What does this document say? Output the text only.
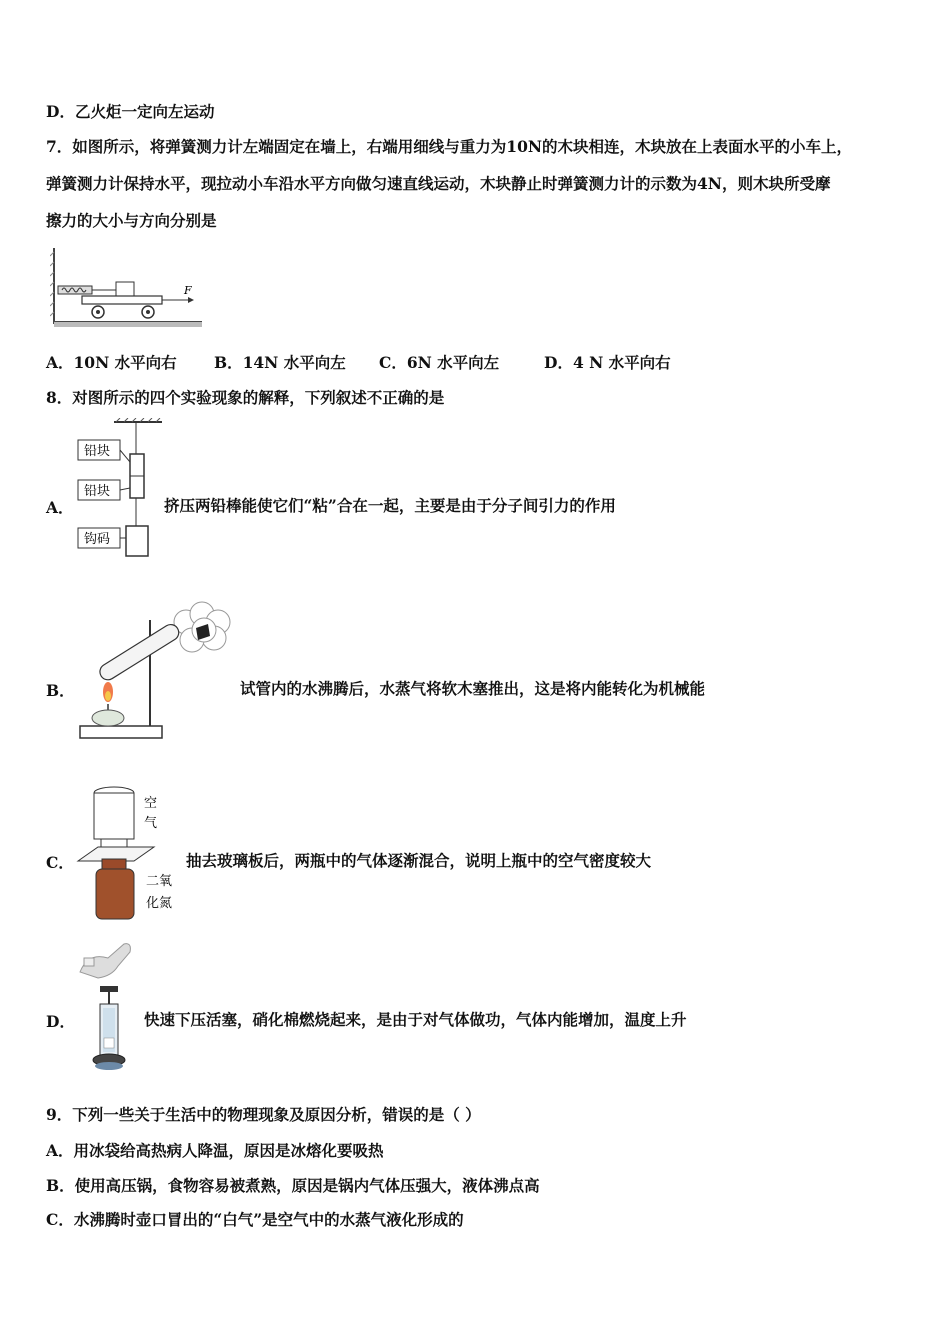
D．乙火炬一定向左运动
7．如图所示，将弹簧测力计左端固定在墙上，右端用细线与重力为10N的木块相连，木块放在上表面水平的小车上，
弹簧测力计保持水平，现拉动小车沿水平方向做匀速直线运动，木块静止时弹簧测力计的示数为4N，则木块所受摩
擦力的大小与方向分别是
F
A．10N 水平向右 B．14N 水平向左 C．6N 水平向左	D．4 N 水平向右
8．对图所示的四个实验现象的解释，下列叙述不正确的是
A．
铅块
铅块
钩码
挤压两铅棒能使它们“粘”合在一起，主要是由于分子间引力的作用
B．	试管内的水沸腾后，水蒸气将软木塞推出，这是将内能转化为机械能
C．
空
气
二氧
化氮
抽去玻璃板后，两瓶中的气体逐渐混合，说明上瓶中的空气密度较大
D．	快速下压活塞，硝化棉燃烧起来，是由于对气体做功，气体内能增加，温度上升
9．下列一些关于生活中的物理现象及原因分析，错误的是（ ）
A．用冰袋给高热病人降温，原因是冰熔化要吸热
B．使用高压锅，食物容易被煮熟，原因是锅内气体压强大，液体沸点高
C．水沸腾时壶口冒出的“白气”是空气中的水蒸气液化形成的
